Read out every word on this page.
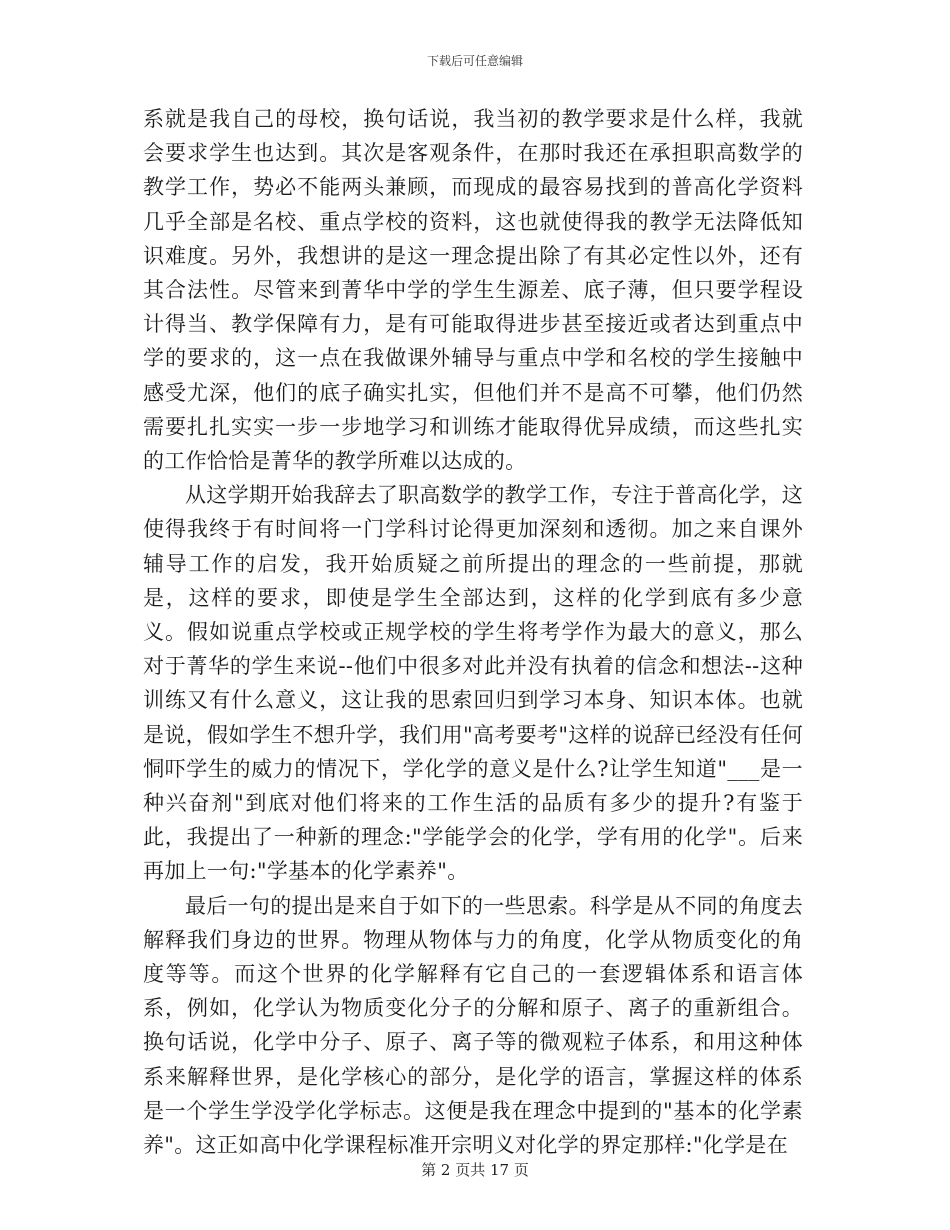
下载后可任意编辑

系就是我自己的母校，换句话说，我当初的教学要求是什么样，我就会要求学生也达到。其次是客观条件，在那时我还在承担职高数学的教学工作，势必不能两头兼顾，而现成的最容易找到的普高化学资料几乎全部是名校、重点学校的资料，这也就使得我的教学无法降低知识难度。另外，我想讲的是这一理念提出除了有其必定性以外，还有其合法性。尽管来到菁华中学的学生生源差、底子薄，但只要学程设计得当、教学保障有力，是有可能取得进步甚至接近或者达到重点中学的要求的，这一点在我做课外辅导与重点中学和名校的学生接触中感受尤深，他们的底子确实扎实，但他们并不是高不可攀，他们仍然需要扎扎实实一步一步地学习和训练才能取得优异成绩，而这些扎实的工作恰恰是菁华的教学所难以达成的。

从这学期开始我辞去了职高数学的教学工作，专注于普高化学，这使得我终于有时间将一门学科讨论得更加深刻和透彻。加之来自课外辅导工作的启发，我开始质疑之前所提出的理念的一些前提，那就是，这样的要求，即使是学生全部达到，这样的化学到底有多少意义。假如说重点学校或正规学校的学生将考学作为最大的意义，那么对于菁华的学生来说--他们中很多对此并没有执着的信念和想法--这种训练又有什么意义，这让我的思索回归到学习本身、知识本体。也就是说，假如学生不想升学，我们用"高考要考"这样的说辞已经没有任何恫吓学生的威力的情况下，学化学的意义是什么?让学生知道"___是一种兴奋剂"到底对他们将来的工作生活的品质有多少的提升?有鉴于此，我提出了一种新的理念:"学能学会的化学，学有用的化学"。后来再加上一句:"学基本的化学素养"。

最后一句的提出是来自于如下的一些思索。科学是从不同的角度去解释我们身边的世界。物理从物体与力的角度，化学从物质变化的角度等等。而这个世界的化学解释有它自己的一套逻辑体系和语言体系，例如，化学认为物质变化分子的分解和原子、离子的重新组合。换句话说，化学中分子、原子、离子等的微观粒子体系，和用这种体系来解释世界，是化学核心的部分，是化学的语言，掌握这样的体系是一个学生学没学化学标志。这便是我在理念中提到的"基本的化学素养"。这正如高中化学课程标准开宗明义对化学的界定那样:"化学是在

第 2 页共 17 页
